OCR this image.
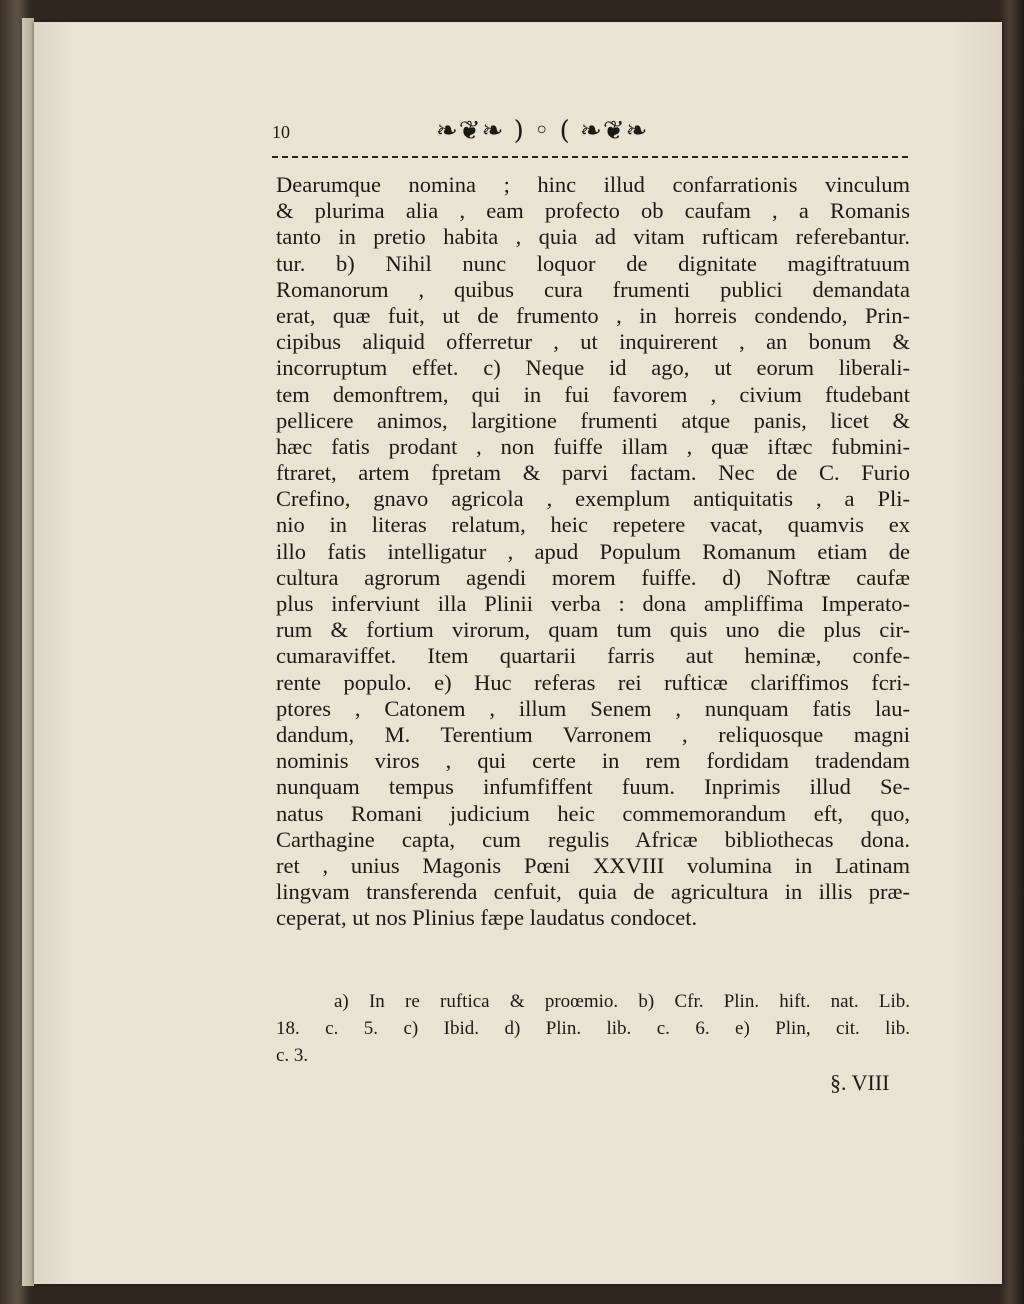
10	❧❦❧ ) ◦ ( ❧❦❧
Dearumque nomina ; hinc illud confarrationis vinculum
& plurima alia , eam profecto ob caufam , a Romanis
tanto in pretio habita , quia ad vitam rufticam referebantur.
tur. b) Nihil nunc loquor de dignitate magiftratuum
Romanorum , quibus cura frumenti publici demandata
erat, quæ fuit, ut de frumento , in horreis condendo, Prin-
cipibus aliquid offerretur , ut inquirerent , an bonum &
incorruptum effet. c) Neque id ago, ut eorum liberali-
tem demonftrem, qui in fui favorem , civium ftudebant
pellicere animos, largitione frumenti atque panis, licet &
hæc fatis prodant , non fuiffe illam , quæ iftæc fubmini-
ftraret, artem fpretam & parvi factam. Nec de C. Furio
Crefino, gnavo agricola , exemplum antiquitatis , a Pli-
nio in literas relatum, heic repetere vacat, quamvis ex
illo fatis intelligatur , apud Populum Romanum etiam de
cultura agrorum agendi morem fuiffe. d) Noftræ caufæ
plus inferviunt illa Plinii verba : dona ampliffima Imperato-
rum & fortium virorum, quam tum quis uno die plus cir-
cumaraviffet. Item quartarii farris aut heminæ, confe-
rente populo. e) Huc referas rei rufticæ clariffimos fcri-
ptores , Catonem , illum Senem , nunquam fatis lau-
dandum, M. Terentium Varronem , reliquosque magni
nominis viros , qui certe in rem fordidam tradendam
nunquam tempus infumfiffent fuum. Inprimis illud Se-
natus Romani judicium heic commemorandum eft, quo,
Carthagine capta, cum regulis Africæ bibliothecas dona.
ret , unius Magonis Pœni XXVIII volumina in Latinam
lingvam transferenda cenfuit, quia de agricultura in illis præ-
ceperat, ut nos Plinius fæpe laudatus condocet.
a) In re ruftica & proœmio. b) Cfr. Plin. hift. nat. Lib.
18. c. 5. c) Ibid. d) Plin. lib. c. 6. e) Plin, cit. lib.
c. 3.
§. VIII
